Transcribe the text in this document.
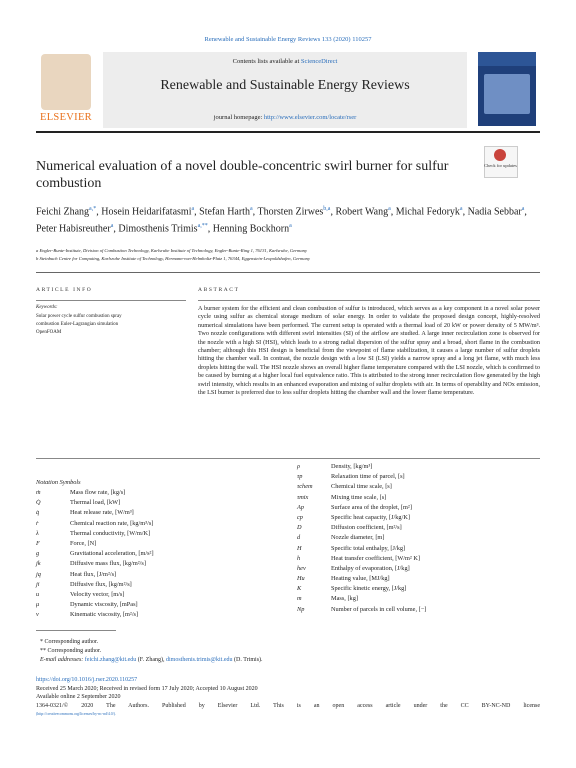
Renewable and Sustainable Energy Reviews 133 (2020) 110257
ELSEVIER
Contents lists available at ScienceDirect
Renewable and Sustainable Energy Reviews
journal homepage: http://www.elsevier.com/locate/rser
Numerical evaluation of a novel double-concentric swirl burner for sulfur combustion
Check for updates
Feichi Zhang$^{a,*}$, Hosein Heidarifatasmi$^a$, Stefan Harth$^a$, Thorsten Zirwes$^{b,a}$, Robert Wang$^a$, Michal Fedoryk$^a$, Nadia Sebbar$^a$, Peter Habisreuther$^a$, Dimosthenis Trimis$^{a,**}$, Henning Bockhorn$^a$
a Engler-Bunte-Institute, Division of Combustion Technology, Karlsruhe Institute of Technology, Engler-Bunte-Ring 1, 76131, Karlsruhe, Germany
b Steinbuch Centre for Computing, Karlsruhe Institute of Technology, Hermann-von-Helmholtz-Platz 1, 76344, Eggenstein-Leopoldshafen, Germany
ARTICLE INFO	ABSTRACT
Keywords:
Solar power cycle sulfur combustion spray
combustion Euler-Lagrangian simulation
OpenFOAM
A burner system for the efficient and clean combustion of sulfur is introduced, which serves as a key component in a novel solar power cycle using sulfur as chemical storage medium of solar energy. In order to validate the proposed design concept, highly-resolved numerical simulations have been performed. The current setup is operated with a thermal load of 20 kW or power density of 5 MW/m³. Two nozzle configurations with different swirl intensities (SI) of the airflow are studied. A large inner recirculation zone is observed for the nozzle with a high SI (HSI), which leads to a strong radial dispersion of the sulfur spray and a broad, short flame in the combustion chamber; although this HSI design is beneficial from the viewpoint of flame stabilization, it causes a large number of sulfur droplets hitting the chamber wall. In contrast, the nozzle design with a low SI (LSI) yields a narrow spray and a long jet flame, with much less droplets hitting the wall. The HSI nozzle shows an overall higher flame temperature compared with the LSI nozzle, which is confirmed to be caused by burning at a higher local fuel equivalence ratio. This is attributed to the strong inner recirculation flow generated by the high swirl intensity, which results in an enhanced evaporation and mixing of sulfur droplets with air. In terms of operability and NOx emission, the LSI burner is preferred due to less sulfur droplets hitting the chamber wall and the lower flame temperature.
Notation Symbols
ṁ	Mass flow rate, [kg/s]
Q̇	Thermal load, [kW]
q̇	Heat release rate, [W/m³]
ṙ	Chemical reaction rate, [kg/m³/s]
λ	Thermal conductivity, [W/m/K]
F	Force, [N]
g	Gravitational acceleration, [m/s²]
jk	Diffusive mass flux, [kg/m²/s]
jq	Heat flux, [J/m²/s]
ji	Diffusive flux, [kg/m²/s]
u	Velocity vector, [m/s]
μ	Dynamic viscosity, [mPas]
ν	Kinematic viscosity, [m²/s]
ρ	Density, [kg/m³]
τp	Relaxation time of parcel, [s]
τchem	Chemical time scale, [s]
τmix	Mixing time scale, [s]
Ap	Surface area of the droplet, [m²]
cp	Specific heat capacity, [J/kg/K]
D	Diffusion coefficient, [m²/s]
d	Nozzle diameter, [m]
H	Specific total enthalpy, [J/kg]
h	Heat transfer coefficient, [W/m² K]
hev	Enthalpy of evaporation, [J/kg]
Hu	Heating value, [MJ/kg]
K	Specific kinetic energy, [J/kg]
m	Mass, [kg]
Np	Number of parcels in cell volume, [−]
* Corresponding author.
** Corresponding author.
E-mail addresses: feichi.zhang@kit.edu (F. Zhang), dimosthenis.trimis@kit.edu (D. Trimis).
https://doi.org/10.1016/j.rser.2020.110257
Received 25 March 2020; Received in revised form 17 July 2020; Accepted 10 August 2020
Available online 2 September 2020
1364-0321/© 2020 The Authors. Published by Elsevier Ltd. This is an open access article under the CC BY-NC-ND license
(http://creativecommons.org/licenses/by-nc-nd/4.0/).
